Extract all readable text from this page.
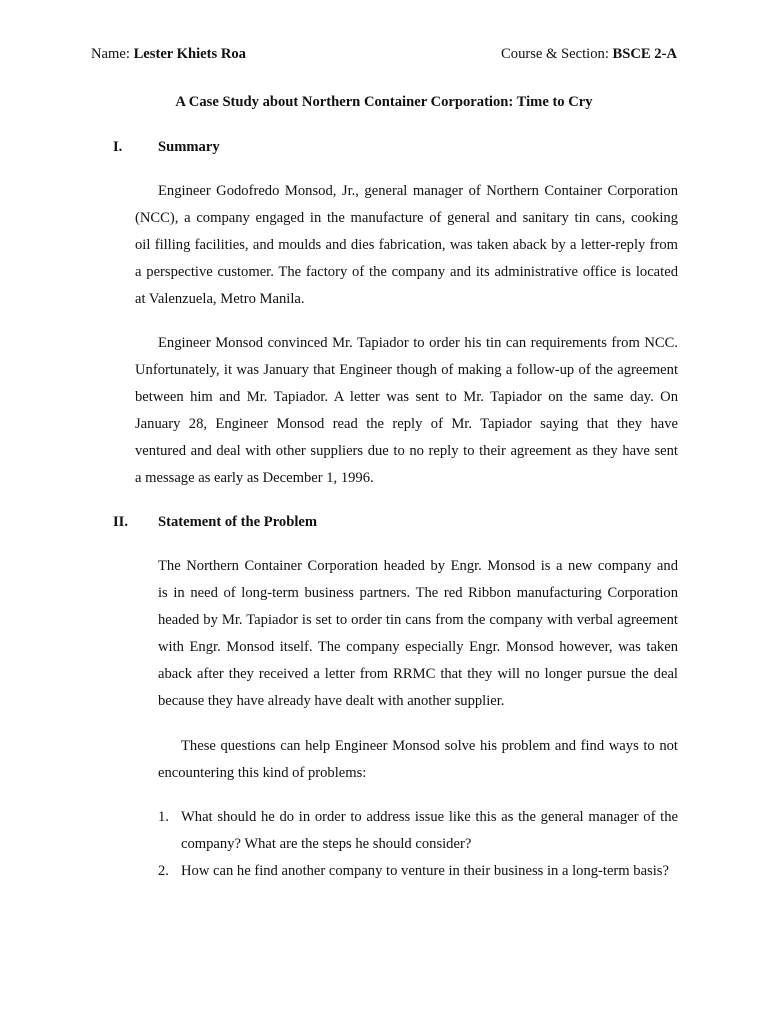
Name: Lester Khiets Roa	Course & Section: BSCE 2-A
A Case Study about Northern Container Corporation: Time to Cry
I. Summary
Engineer Godofredo Monsod, Jr., general manager of Northern Container Corporation
(NCC), a company engaged in the manufacture of general and sanitary tin cans, cooking
oil filling facilities, and moulds and dies fabrication, was taken aback by a letter-reply from
a perspective customer. The factory of the company and its administrative office is located
at Valenzuela, Metro Manila.
Engineer Monsod convinced Mr. Tapiador to order his tin can requirements from NCC.
Unfortunately, it was January that Engineer though of making a follow-up of the agreement
between him and Mr. Tapiador. A letter was sent to Mr. Tapiador on the same day. On
January 28, Engineer Monsod read the reply of Mr. Tapiador saying that they have
ventured and deal with other suppliers due to no reply to their agreement as they have sent
a message as early as December 1, 1996.
II. Statement of the Problem
The Northern Container Corporation headed by Engr. Monsod is a new company and
is in need of long-term business partners. The red Ribbon manufacturing Corporation
headed by Mr. Tapiador is set to order tin cans from the company with verbal agreement
with Engr. Monsod itself. The company especially Engr. Monsod however, was taken
aback after they received a letter from RRMC that they will no longer pursue the deal
because they have already have dealt with another supplier.
These questions can help Engineer Monsod solve his problem and find ways to not
encountering this kind of problems:
1. What should he do in order to address issue like this as the general manager of the
company? What are the steps he should consider?
2. How can he find another company to venture in their business in a long-term basis?
